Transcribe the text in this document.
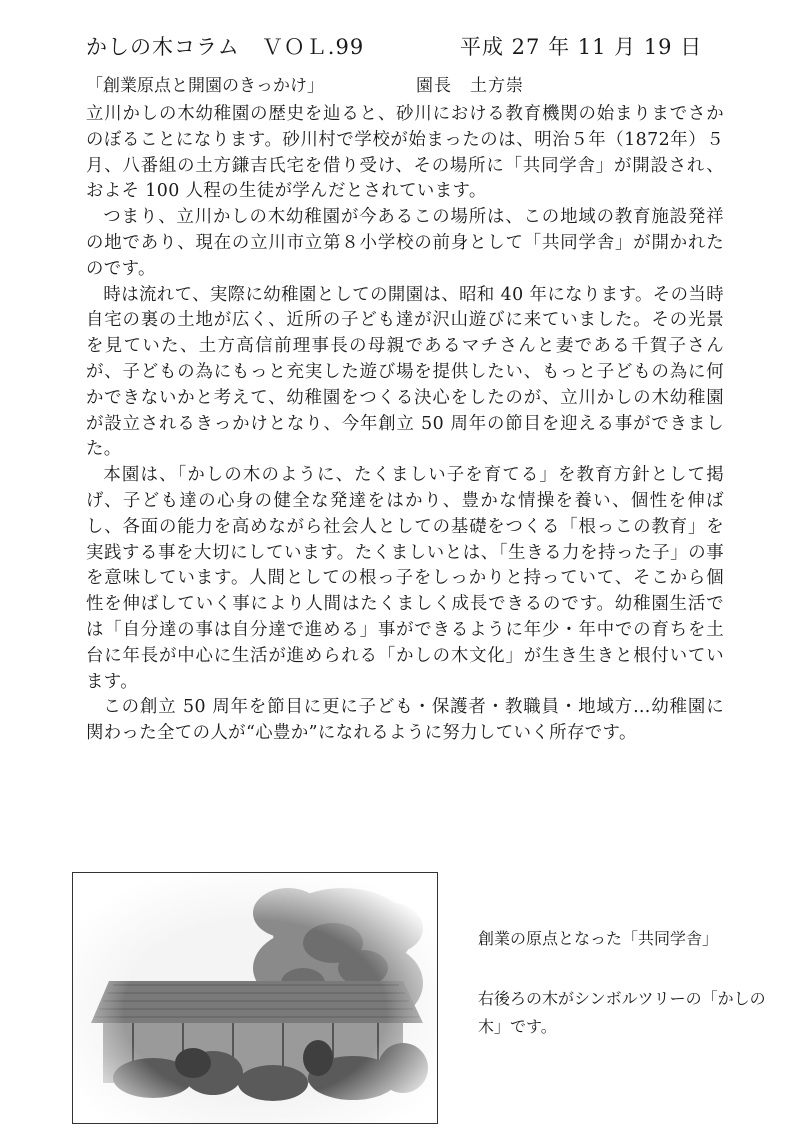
かしの木コラム　ＶＯＬ.99	平成 27 年 11 月 19 日
「創業原点と開園のきっかけ」	園長　土方崇

立川かしの木幼稚園の歴史を辿ると、砂川における教育機関の始まりまでさかのぼることになります。砂川村で学校が始まったのは、明治５年（1872年）５月、八番組の土方鎌吉氏宅を借り受け、その場所に「共同学舎」が開設され、およそ 100 人程の生徒が学んだとされています。

つまり、立川かしの木幼稚園が今あるこの場所は、この地域の教育施設発祥の地であり、現在の立川市立第８小学校の前身として「共同学舎」が開かれたのです。

時は流れて、実際に幼稚園としての開園は、昭和 40 年になります。その当時自宅の裏の土地が広く、近所の子ども達が沢山遊びに来ていました。その光景を見ていた、土方高信前理事長の母親であるマチさんと妻である千賀子さんが、子どもの為にもっと充実した遊び場を提供したい、もっと子どもの為に何かできないかと考えて、幼稚園をつくる決心をしたのが、立川かしの木幼稚園が設立されるきっかけとなり、今年創立 50 周年の節目を迎える事ができました。

本園は、「かしの木のように、たくましい子を育てる」を教育方針として掲げ、子ども達の心身の健全な発達をはかり、豊かな情操を養い、個性を伸ばし、各面の能力を高めながら社会人としての基礎をつくる「根っこの教育」を実践する事を大切にしています。たくましいとは、「生きる力を持った子」の事を意味しています。人間としての根っ子をしっかりと持っていて、そこから個性を伸ばしていく事により人間はたくましく成長できるのです。幼稚園生活では「自分達の事は自分達で進める」事ができるように年少・年中での育ちを土台に年長が中心に生活が進められる「かしの木文化」が生き生きと根付いています。

この創立 50 周年を節目に更に子ども・保護者・教職員・地域方…幼稚園に関わった全ての人が“心豊か”になれるように努力していく所存です。

創業の原点となった「共同学舎」
右後ろの木がシンボルツリーの「かしの木」です。
